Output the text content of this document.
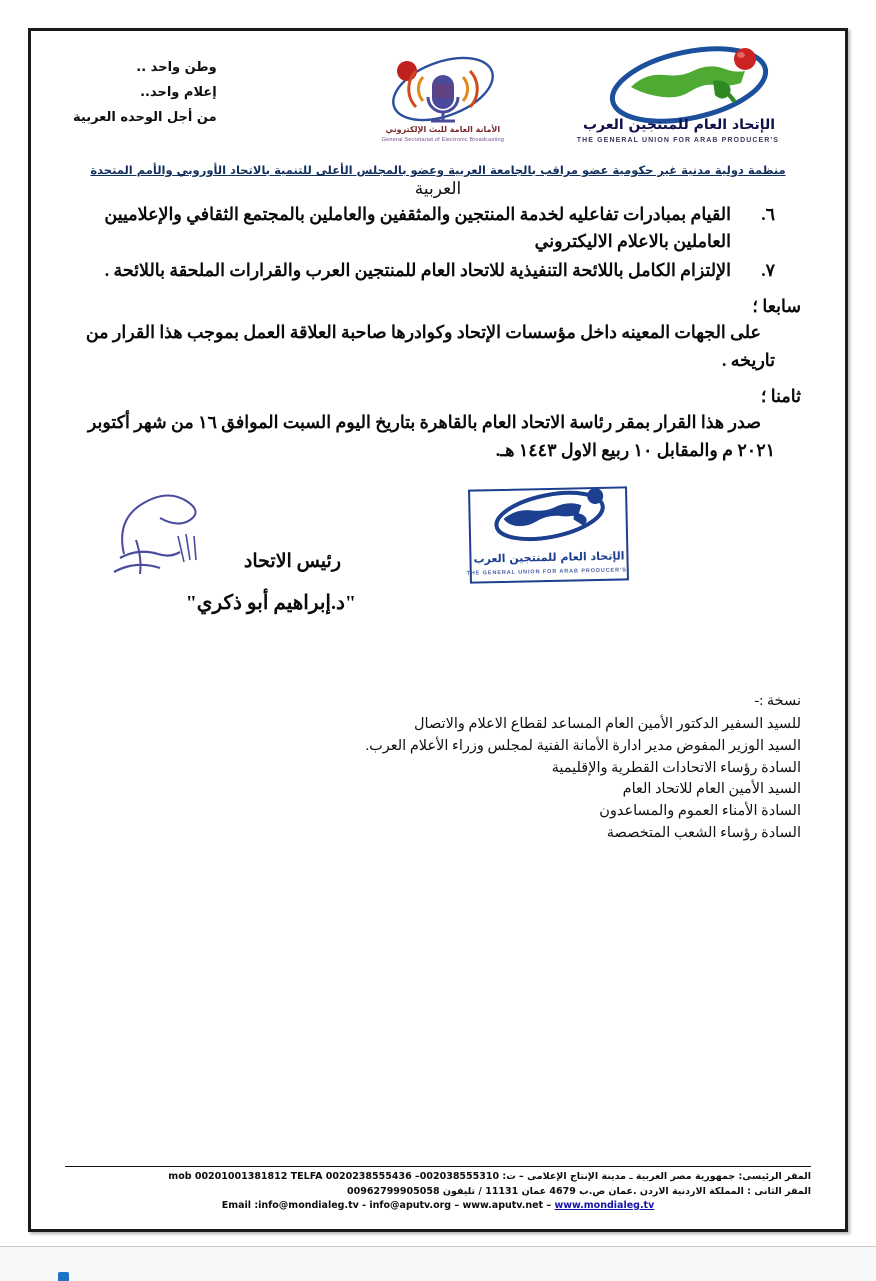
وطن واحد ..
إعلام واحد..
من أجل الوحده العربية
الأمانة العامة للبث الإلكتروني
General Secretariat of Electronic Broadcasting
الإتحاد العام للمنتجين العرب
THE GENERAL UNION FOR ARAB PRODUCER'S
منظمة دولية مدنية غير حكومية عضو مراقب بالجامعة العربية وعضو بالمجلس الأعلى للتنمية بالاتحاد الأوروبي والأمم المتحدة
العربية
٦.
القيام بمبادرات تفاعليه لخدمة المنتجين والمثقفين والعاملين بالمجتمع الثقافي والإعلاميين العاملين بالاعلام الاليكتروني
٧.
الإلتزام الكامل باللائحة التنفيذية للاتحاد العام للمنتجين العرب والقرارات الملحقة باللائحة .
سابعا ؛
على الجهات المعينه داخل مؤسسات الإتحاد وكوادرها صاحبة العلاقة العمل بموجب هذا القرار من تاريخه .
ثامنا ؛
صدر هذا القرار بمقر رئاسة الاتحاد العام بالقاهرة بتاريخ اليوم السبت الموافق ١٦ من شهر أكتوبر ٢٠٢١ م والمقابل ١٠ ربيع الاول ١٤٤٣ هـ.
رئيس الاتحاد
"د.إبراهيم أبو ذكري"
الإتحاد العام للمنتجين العرب
THE GENERAL UNION FOR ARAB PRODUCER'S
نسخة :-
للسيد السفير الدكتور الأمين العام المساعد لقطاع الاعلام والاتصال
السيد الوزير المفوض مدير ادارة الأمانة الفنية لمجلس وزراء الأعلام العرب.
السادة رؤساء الاتحادات القطرية والإقليمية
السيد الأمين العام للاتحاد العام
السادة الأمناء العموم والمساعدون
السادة رؤساء الشعب المتخصصة
المقر الرئيسى: جمهورية مصر العربية ـ مدينة الإنتاج الإعلامى – ت: 002038555310– mob 00201001381812 TELFA 0020238555436
المقر الثانى : المملكة الاردنية الاردن .عمان ص.ب 4679 عمان 11131 / تليفون 00962799905058
Email :info@mondialeg.tv - info@aputv.org – www.aputv.net – www.mondialeg.tv
